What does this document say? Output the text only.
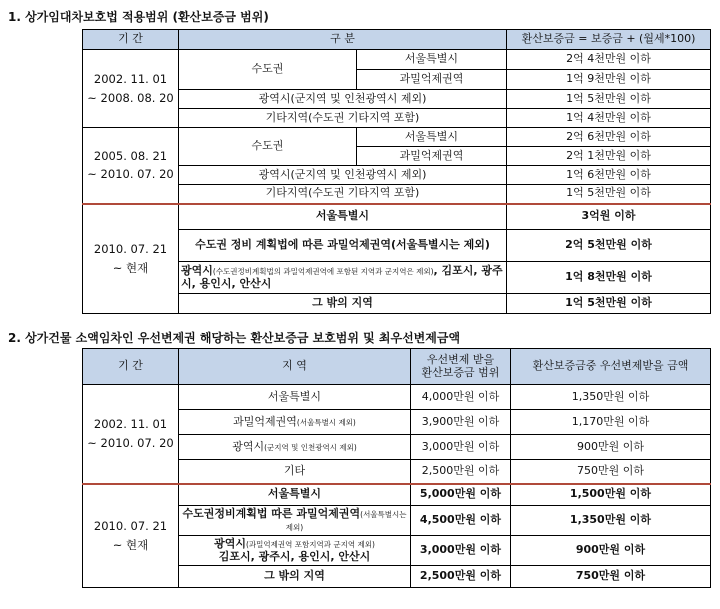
1. 상가임대차보호법 적용범위 (환산보증금 범위)
기 간	구 분		환산보증금 = 보증금 + (월세*100)

2002. 11. 01
~ 2008. 08. 20	수도권	서울특별시	2억 4천만원 이하
		과밀억제권역	1억 9천만원 이하
	광역시(군지역 및 인천광역시 제외)		1억 5천만원 이하
	기타지역(수도권 기타지역 포함)		1억 4천만원 이하

2005. 08. 21
~ 2010. 07. 20	수도권	서울특별시	2억 6천만원 이하
		과밀억제권역	2억 1천만원 이하
	광역시(군지역 및 인천광역시 제외)		1억 6천만원 이하
	기타지역(수도권 기타지역 포함)		1억 5천만원 이하

2010. 07. 21
~ 현재	서울특별시		3억원 이하
	수도권 정비 계획법에 따른 과밀억제권역(서울특별시는 제외)		2억 5천만원 이하
	광역시(수도권정비계획법의 과밀억제권역에 포함된 지역과 군지역은 제외), 김포시, 광주시, 용인시, 안산시		1억 8천만원 이하
	그 밖의 지역		1억 5천만원 이하
2. 상가건물 소액임차인 우선변제권 해당하는 환산보증금 보호범위 및 최우선변제금액
기 간	지 역	우선변제 받을
환산보증금 범위	환산보증금중 우선변제받을 금액

2002. 11. 01
~ 2010. 07. 20	서울특별시	4,000만원 이하	1,350만원 이하
	과밀억제권역(서울특별시 제외)	3,900만원 이하	1,170만원 이하
	광역시(군지역 및 인천광역시 제외)	3,000만원 이하	900만원 이하
	기타	2,500만원 이하	750만원 이하

2010. 07. 21
~ 현재	서울특별시	5,000만원 이하	1,500만원 이하
	수도권정비계획법 따른 과밀억제권역(서울특별시는 제외)	4,500만원 이하	1,350만원 이하

	광역시(과밀억제권역 포함지역과 군지역 제외)
김포시, 광주시, 용인시, 안산시	3,000만원 이하	900만원 이하
	그 밖의 지역	2,500만원 이하	750만원 이하
